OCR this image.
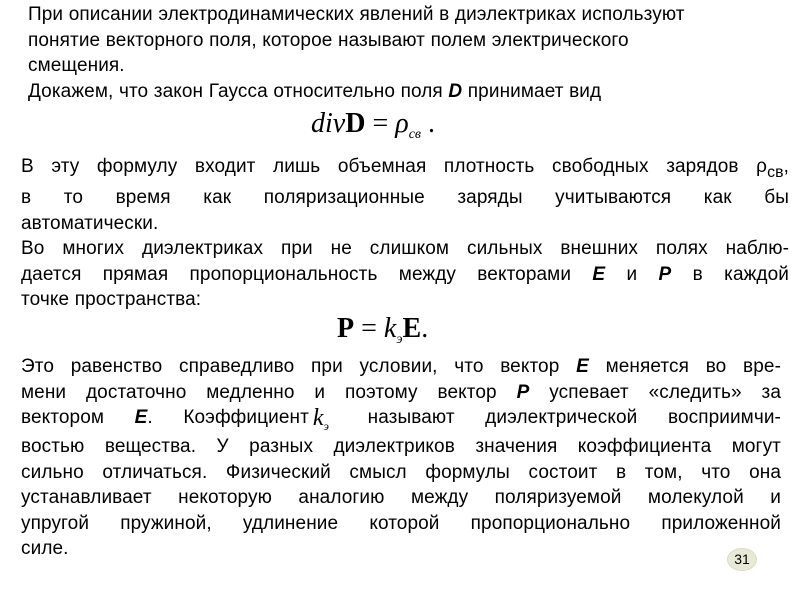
При описании электродинамических явлений в диэлектриках используют
понятие векторного поля, которое называют полем электрического
смещения.
Докажем, что закон Гаусса относительно поля D принимает вид
divD = $\rho_{св}$ .
В эту формулу входит лишь объемная плотность свободных зарядов $\rho_{св}$,
в то время как поляризационные заряды учитываются как бы
автоматически.
Во многих диэлектриках при не слишком сильных внешних полях наблю-
дается прямая пропорциональность между векторами E и P в каждой
точке пространства:
$P = k_эE$.
Это равенство справедливо при условии, что вектор E меняется во вре-
мени достаточно медленно и поэтому вектор P успевает «следить» за
вектором E. Коэффициент $k_э$ называют диэлектрической восприимчи-
востью вещества. У разных диэлектриков значения коэффициента могут
сильно отличаться. Физический смысл формулы состоит в том, что она
устанавливает некоторую аналогию между поляризуемой молекулой и
упругой пружиной, удлинение которой пропорционально приложенной
силе.	31
